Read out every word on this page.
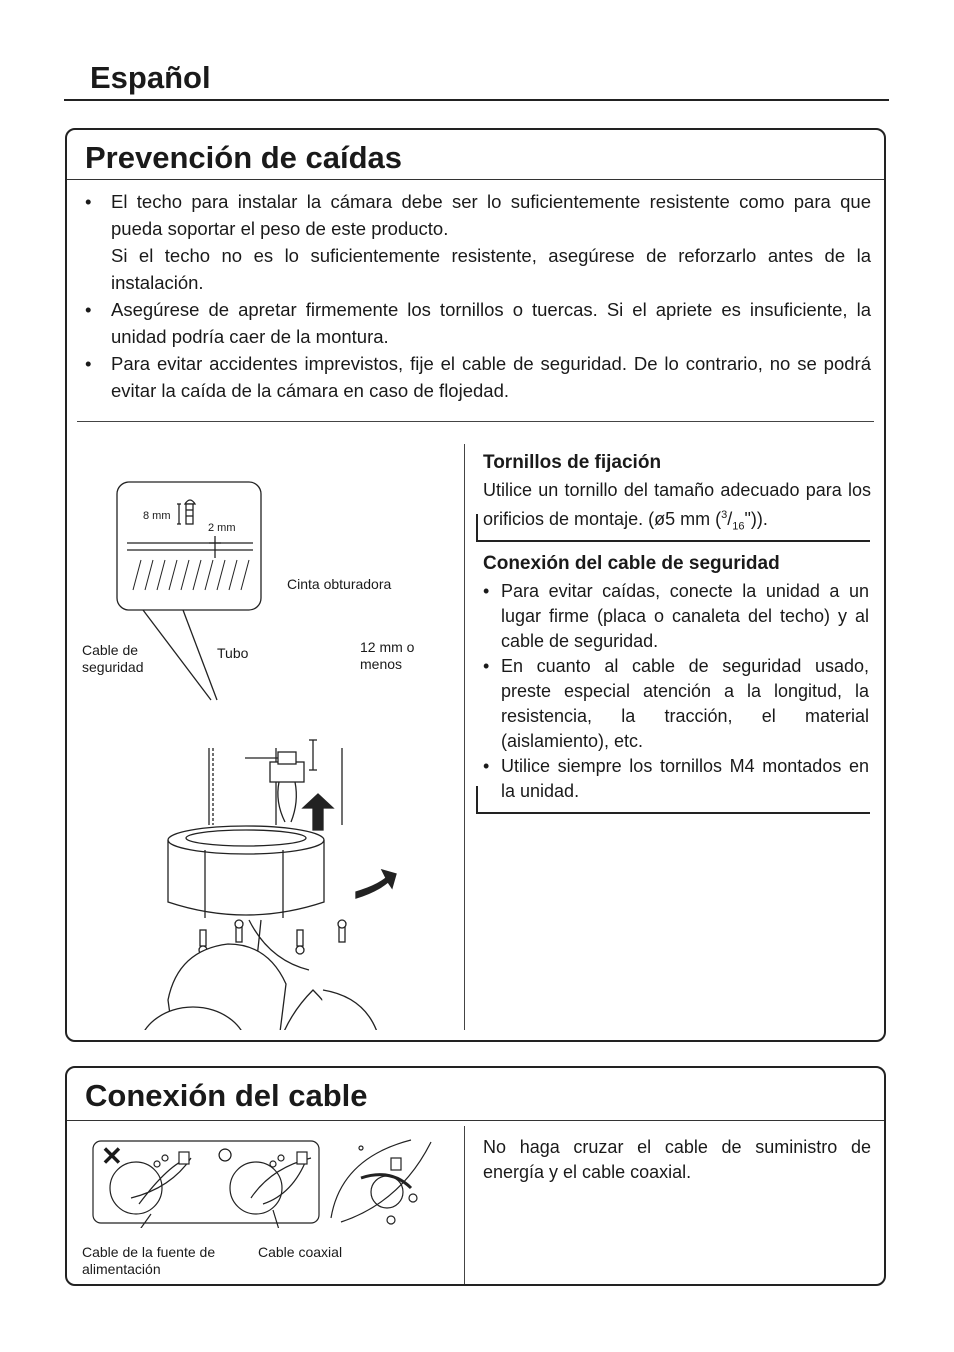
Español
Prevención de caídas
• El techo para instalar la cámara debe ser lo suficientemente resistente como para que pueda soportar el peso de este producto.
Si el techo no es lo suficientemente resistente, asegúrese de reforzarlo antes de la instalación.
• Asegúrese de apretar firmemente los tornillos o tuercas. Si el apriete es insuficiente, la unidad podría caer de la montura.
• Para evitar accidentes imprevistos, fije el cable de seguridad. De lo contrario, no se podrá evitar la caída de la cámara en caso de flojedad.
8 mm
2 mm
Cinta obturadora
Cable de seguridad
Tubo	12 mm o menos
Tornillos de fijación
Utilice un tornillo del tamaño adecuado para los orificios de montaje. (ø5 mm $(^3/_{16}")$).
Conexión del cable de seguridad
• Para evitar caídas, conecte la unidad a un lugar firme (placa o canaleta del techo) y al cable de seguridad.
• En cuanto al cable de seguridad usado, preste especial atención a la longitud, la resistencia, la tracción, el material (aislamiento), etc.
• Utilice siempre los tornillos M4 montados en la unidad.
Conexión del cable
✕	○
Cable de la fuente de alimentación
Cable coaxial
No haga cruzar el cable de suministro de energía y el cable coaxial.
